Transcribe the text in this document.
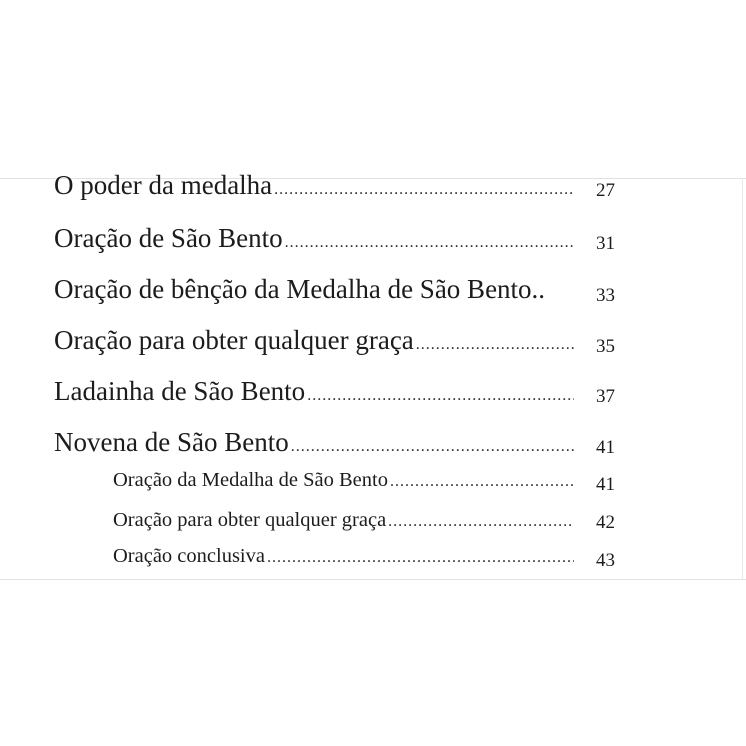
O poder da medalha .....	27
Oração de São Bento .....	31
Oração de bênção da Medalha de São Bento..	33
Oração para obter qualquer graça .....	35
Ladainha de São Bento .....	37
Novena de São Bento .....	41
Oração da Medalha de São Bento .....	41
Oração para obter qualquer graça .....	42
Oração conclusiva .....	43
